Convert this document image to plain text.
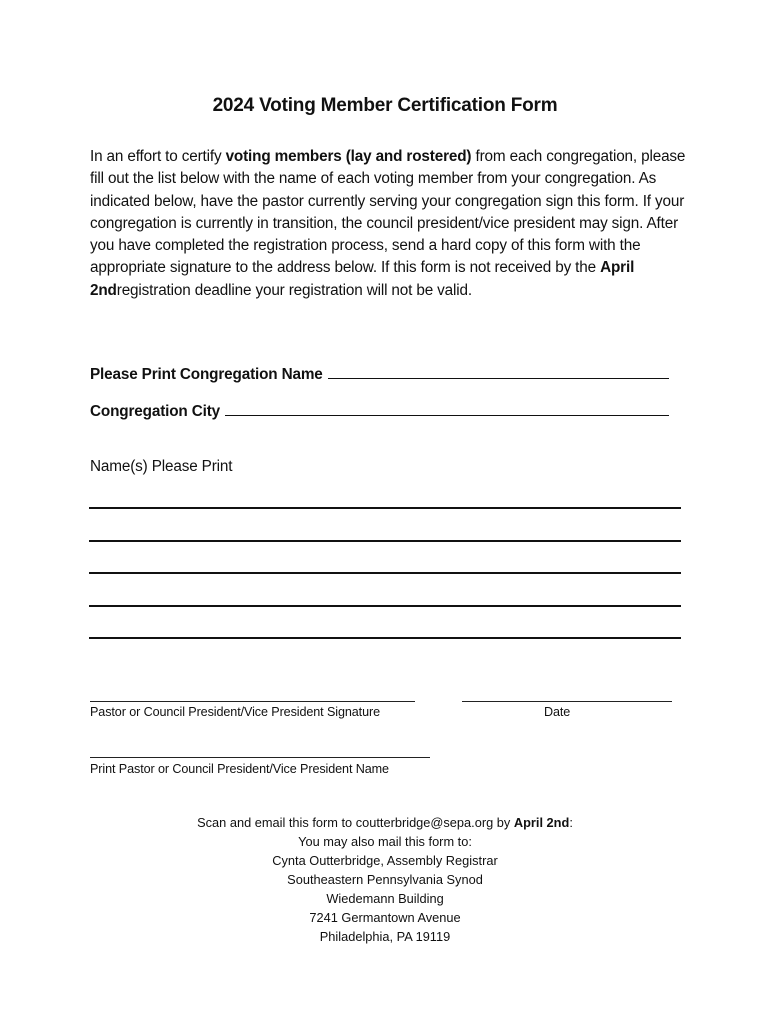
2024 Voting Member Certification Form
In an effort to certify voting members (lay and rostered) from each congregation, please fill out the list below with the name of each voting member from your congregation. As indicated below, have the pastor currently serving your congregation sign this form. If your congregation is currently in transition, the council president/vice president may sign. After you have completed the registration process, send a hard copy of this form with the appropriate signature to the address below. If this form is not received by the April 2ndregistration deadline your registration will not be valid.
Please Print Congregation Name
Congregation City
Name(s) Please Print
Pastor or Council President/Vice President Signature	Date
Print Pastor or Council President/Vice President Name
Scan and email this form to coutterbridge@sepa.org by April 2nd:
You may also mail this form to:
Cynta Outterbridge, Assembly Registrar
Southeastern Pennsylvania Synod
Wiedemann Building
7241 Germantown Avenue
Philadelphia, PA 19119
